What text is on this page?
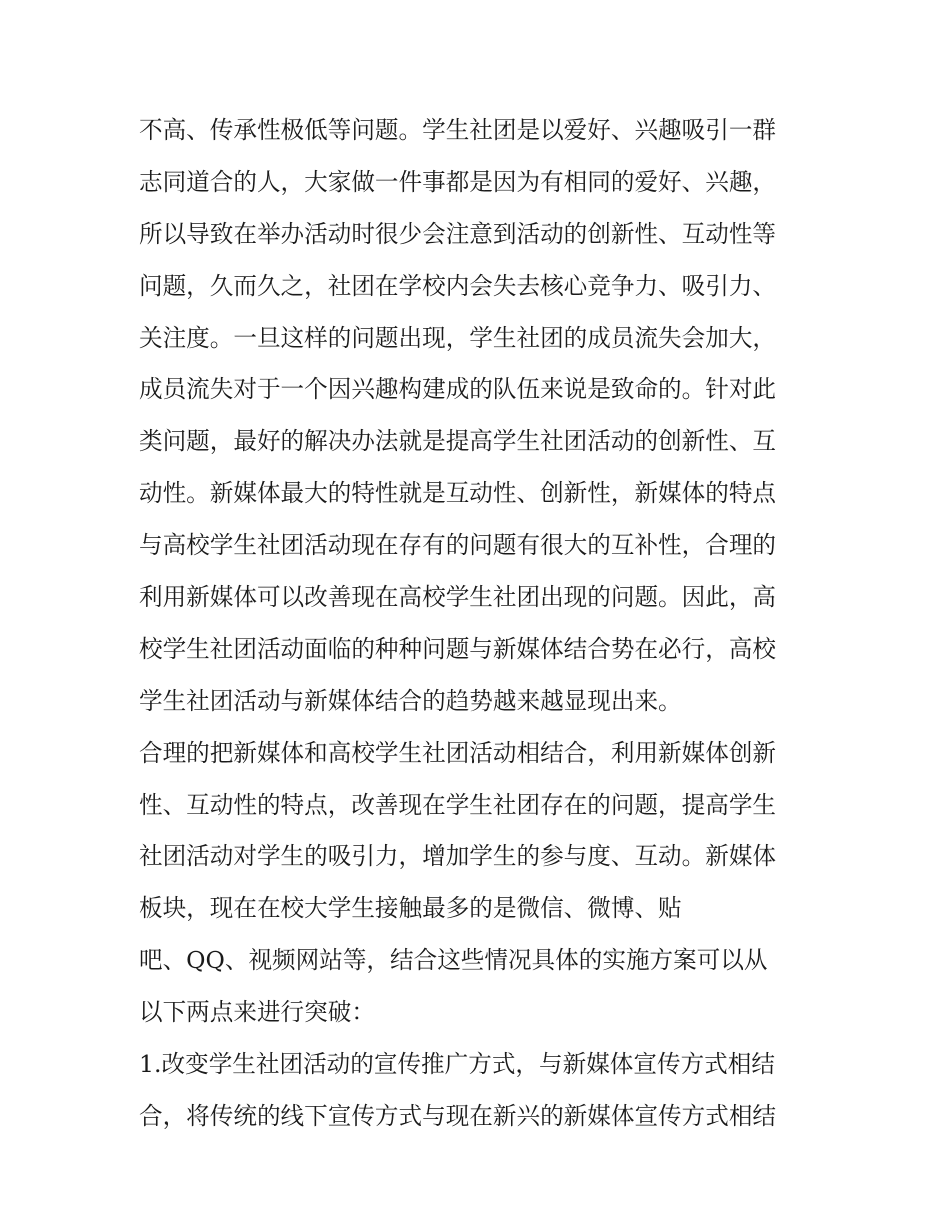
不高、传承性极低等问题。学生社团是以爱好、兴趣吸引一群
志同道合的人，大家做一件事都是因为有相同的爱好、兴趣，
所以导致在举办活动时很少会注意到活动的创新性、互动性等
问题，久而久之，社团在学校内会失去核心竞争力、吸引力、
关注度。一旦这样的问题出现，学生社团的成员流失会加大，
成员流失对于一个因兴趣构建成的队伍来说是致命的。针对此
类问题，最好的解决办法就是提高学生社团活动的创新性、互
动性。新媒体最大的特性就是互动性、创新性，新媒体的特点
与高校学生社团活动现在存有的问题有很大的互补性，合理的
利用新媒体可以改善现在高校学生社团出现的问题。因此，高
校学生社团活动面临的种种问题与新媒体结合势在必行，高校
学生社团活动与新媒体结合的趋势越来越显现出来。
合理的把新媒体和高校学生社团活动相结合，利用新媒体创新
性、互动性的特点，改善现在学生社团存在的问题，提高学生
社团活动对学生的吸引力，增加学生的参与度、互动。新媒体
板块，现在在校大学生接触最多的是微信、微博、贴
吧、QQ、视频网站等，结合这些情况具体的实施方案可以从
以下两点来进行突破：
1.改变学生社团活动的宣传推广方式，与新媒体宣传方式相结
合，将传统的线下宣传方式与现在新兴的新媒体宣传方式相结
